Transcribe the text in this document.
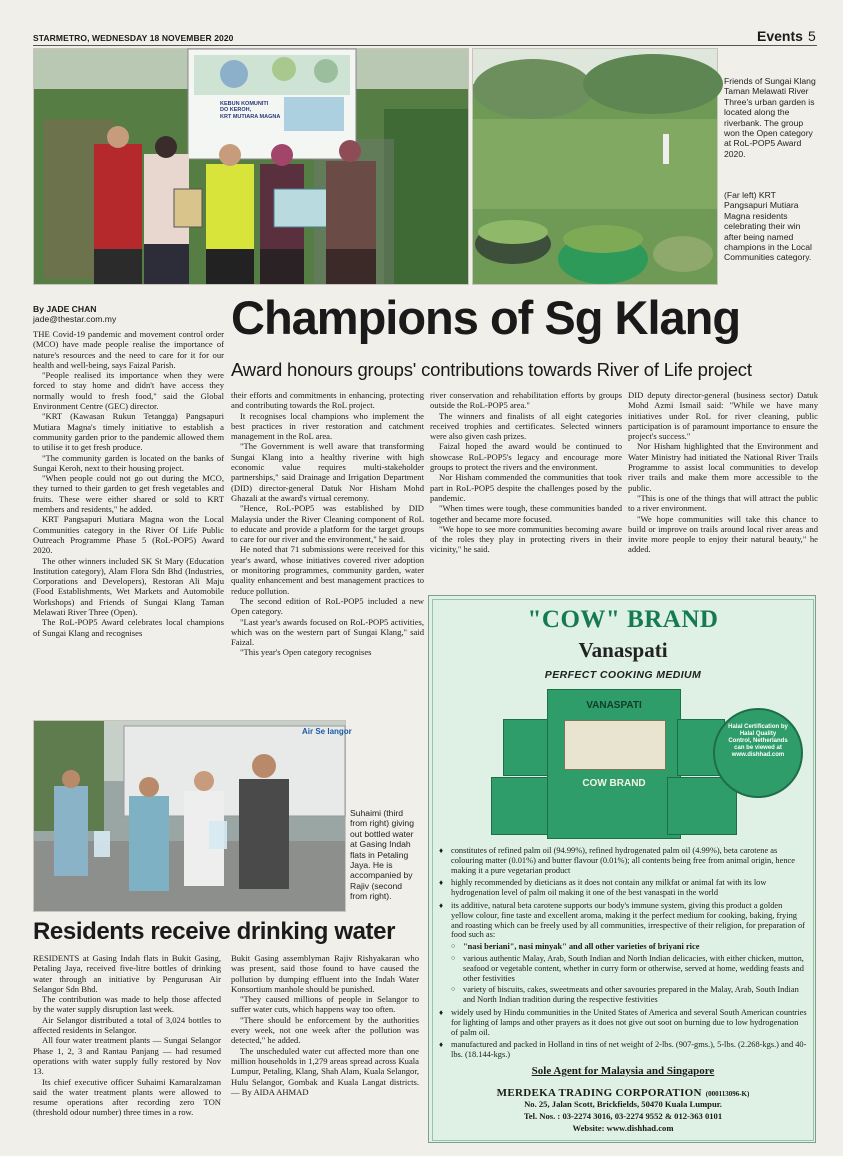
STARMETRO, WEDNESDAY 18 NOVEMBER 2020	Events 5
KEBUN KOMUNITI
DO KEROH,
KRT MUTIARA MAGNA
Friends of Sungai Klang Taman Melawati River Three's urban garden is located along the riverbank. The group won the Open category at RoL-POP5 Award 2020.
(Far left) KRT Pangsapuri Mutiara Magna residents celebrating their win after being named champions in the Local Communities category.
By JADE CHAN
jade@thestar.com.my Champions of Sg Klang
Award honours groups' contributions towards River of Life project

THE Covid-19 pandemic and movement control order (MCO) have made people realise the importance of nature's resources and the need to care for it for our health and well-being, says Faizal Parish.

"People realised its importance when they were forced to stay home and didn't have access they normally would to fresh food," said the Global Environment Centre (GEC) director.

"KRT (Kawasan Rukun Tetangga) Pangsapuri Mutiara Magna's timely initiative to establish a community garden prior to the pandemic allowed them to utilise it to get fresh produce.

"The community garden is located on the banks of Sungai Keroh, next to their housing project.

"When people could not go out during the MCO, they turned to their garden to get fresh vegetables and fruits. These were either shared or sold to KRT members and residents," he added.

KRT Pangsapuri Mutiara Magna won the Local Communities category in the River Of Life Public Outreach Programme Phase 5 (RoL-POP5) Award 2020.

The other winners included SK St Mary (Education Institution category), Alam Flora Sdn Bhd (Industries, Corporations and Developers), Restoran Ali Maju (Food Establishments, Wet Markets and Automobile Workshops) and Friends of Sungai Klang Taman Melawati River Three (Open).

The RoL-POP5 Award celebrates local champions of Sungai Klang and recognises

their efforts and commitments in enhancing, protecting and contributing towards the RoL project.

It recognises local champions who implement the best practices in river restoration and catchment management in the RoL area.

"The Government is well aware that transforming Sungai Klang into a healthy riverine with high economic value requires multi-stakeholder partnerships," said Drainage and Irrigation Department (DID) director-general Datuk Nor Hisham Mohd Ghazali at the award's virtual ceremony.

"Hence, RoL-POP5 was established by DID Malaysia under the River Cleaning component of RoL to educate and provide a platform for the target groups to care for our river and the environment," he said.

He noted that 71 submissions were received for this year's award, whose initiatives covered river adoption or monitoring programmes, community garden, water quality enhancement and best management practices to reduce pollution.

The second edition of RoL-POP5 included a new Open category.

"Last year's awards focused on RoL-POP5 activities, which was on the western part of Sungai Klang," said Faizal.

"This year's Open category recognises

river conservation and rehabilitation efforts by groups outside the RoL-POP5 area."

The winners and finalists of all eight categories received trophies and certificates. Selected winners were also given cash prizes.

Faizal hoped the award would be continued to showcase RoL-POP5's legacy and encourage more groups to protect the rivers and the environment.

Nor Hisham commended the communities that took part in RoL-POP5 despite the challenges posed by the pandemic.

"When times were tough, these communities banded together and became more focused.

"We hope to see more communities becoming aware of the roles they play in protecting rivers in their vicinity," he said.

DID deputy director-general (business sector) Datuk Mohd Azmi Ismail said: "While we have many initiatives under RoL for river cleaning, public participation is of paramount importance to ensure the project's success."

Nor Hisham highlighted that the Environment and Water Ministry had initiated the National River Trails Programme to assist local communities to develop river trails and make them more accessible to the public.

"This is one of the things that will attract the public to a river environment.

"We hope communities will take this chance to build or improve on trails around local river areas and invite more people to enjoy their natural beauty," he added.

Air Se langor
Suhaimi (third from right) giving out bottled water at Gasing Indah flats in Petaling Jaya. He is accompanied by Rajiv (second from right).
Residents receive drinking water

RESIDENTS at Gasing Indah flats in Bukit Gasing, Petaling Jaya, received five-litre bottles of drinking water through an initiative by Pengurusan Air Selangor Sdn Bhd.

The contribution was made to help those affected by the water supply disruption last week.

Air Selangor distributed a total of 3,024 bottles to affected residents in Selangor.

All four water treatment plants — Sungai Selangor Phase 1, 2, 3 and Rantau Panjang — had resumed operations with water supply fully restored by Nov 13.

Its chief executive officer Suhaimi Kamaralzaman said the water treatment plants were allowed to resume operations after recording zero TON (threshold odour number) three times in a row.

Bukit Gasing assemblyman Rajiv Rishyakaran who was present, said those found to have caused the pollution by dumping effluent into the Indah Water Konsortium manhole should be punished.

"They caused millions of people in Selangor to suffer water cuts, which happens way too often.

"There should be enforcement by the authorities every week, not one week after the pollution was detected," he added.

The unscheduled water cut affected more than one million households in 1,279 areas spread across Kuala Lumpur, Petaling, Klang, Shah Alam, Kuala Selangor, Hulu Selangor, Gombak and Kuala Langat districts. — By AIDA AHMAD

"COW" BRAND
Vanaspati
PERFECT COOKING MEDIUM
VANASPATI
COW BRAND
Halal Certification by Halal Quality Control, Netherlands can be viewed at www.dishhad.com
♦ constitutes of refined palm oil (94.99%), refined hydrogenated palm oil (4.99%), beta carotene as colouring matter (0.01%) and butter flavour (0.01%); all contents being free from animal origin, hence making it a pure vegetarian product
♦ highly recommended by dieticians as it does not contain any milkfat or animal fat with its low hydrogenation level of palm oil making it one of the best vanaspati in the world
♦ its additive, natural beta carotene supports our body's immune system, giving this product a golden yellow colour, fine taste and excellent aroma, making it the perfect medium for cooking, baking, frying and roasting which can be freely used by all communities, irrespective of their religion, for preparation of food such as:
○ "nasi beriani", nasi minyak" and all other varieties of briyani rice
○ various authentic Malay, Arab, South Indian and North Indian delicacies, with either chicken, mutton, seafood or vegetable content, whether in curry form or otherwise, served at home, wedding feasts and other festivities
○ variety of biscuits, cakes, sweetmeats and other savouries prepared in the Malay, Arab, South Indian and North Indian tradition during the respective festivities
♦ widely used by Hindu communities in the United States of America and several South American countries for lighting of lamps and other prayers as it does not give out soot on burning due to low hydrogenation of palm oil.
♦ manufactured and packed in Holland in tins of net weight of 2-lbs. (907-gms.), 5-lbs. (2.268-kgs.) and 40-lbs. (18.144-kgs.)
Sole Agent for Malaysia and Singapore
MERDEKA TRADING CORPORATION (000113096-K)
No. 25, Jalan Scott, Brickfields, 50470 Kuala Lumpur.
Tel. Nos. : 03-2274 3016, 03-2274 9552 & 012-363 0101
Website: www.dishhad.com
